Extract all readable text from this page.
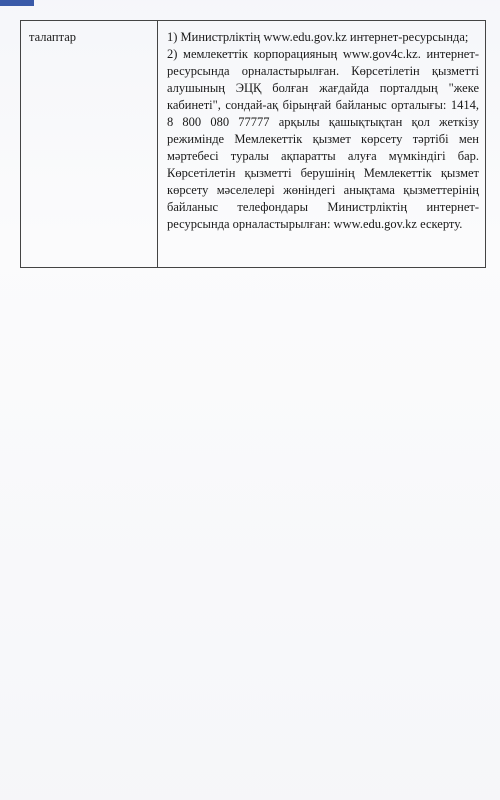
талаптар	1) Министрліктің www.edu.gov.kz интернет-ресурсында;

2) мемлекеттік корпорацияның www.gov4c.kz. интернет-ресурсында орналастырылған. Көрсетілетін қызметті алушының ЭЦҚ болған жағдайда порталдың "жеке кабинеті", сондай-ақ бірыңғай байланыс орталығы: 1414, 8 800 080 77777 арқылы қашықтықтан қол жеткізу режимінде Мемлекеттік қызмет көрсету тәртібі мен мәртебесі туралы ақпаратты алуға мүмкіндігі бар. Көрсетілетін қызметті берушінің Мемлекеттік қызмет көрсету мәселелері жөніндегі анықтама қызметтерінің байланыс телефондары Министрліктің интернет-ресурсында орналастырылған: www.edu.gov.kz ескерту.
